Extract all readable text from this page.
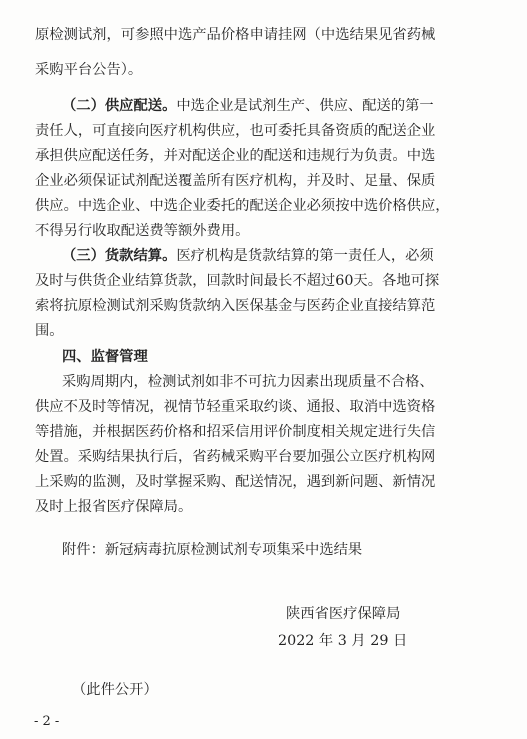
原检测试剂，可参照中选产品价格申请挂网（中选结果见省药械
采购平台公告）。
（二）供应配送。中选企业是试剂生产、供应、配送的第一
责任人，可直接向医疗机构供应，也可委托具备资质的配送企业
承担供应配送任务，并对配送企业的配送和违规行为负责。中选
企业必须保证试剂配送覆盖所有医疗机构，并及时、足量、保质
供应。中选企业、中选企业委托的配送企业必须按中选价格供应，
不得另行收取配送费等额外费用。
（三）货款结算。医疗机构是货款结算的第一责任人，必须
及时与供货企业结算货款，回款时间最长不超过60天。各地可探
索将抗原检测试剂采购货款纳入医保基金与医药企业直接结算范
围。
四、监督管理
采购周期内，检测试剂如非不可抗力因素出现质量不合格、
供应不及时等情况，视情节轻重采取约谈、通报、取消中选资格
等措施，并根据医药价格和招采信用评价制度相关规定进行失信
处置。采购结果执行后，省药械采购平台要加强公立医疗机构网
上采购的监测，及时掌握采购、配送情况，遇到新问题、新情况
及时上报省医疗保障局。
附件：新冠病毒抗原检测试剂专项集采中选结果
陕西省医疗保障局
2022 年 3 月 29 日
（此件公开）
- 2 -
